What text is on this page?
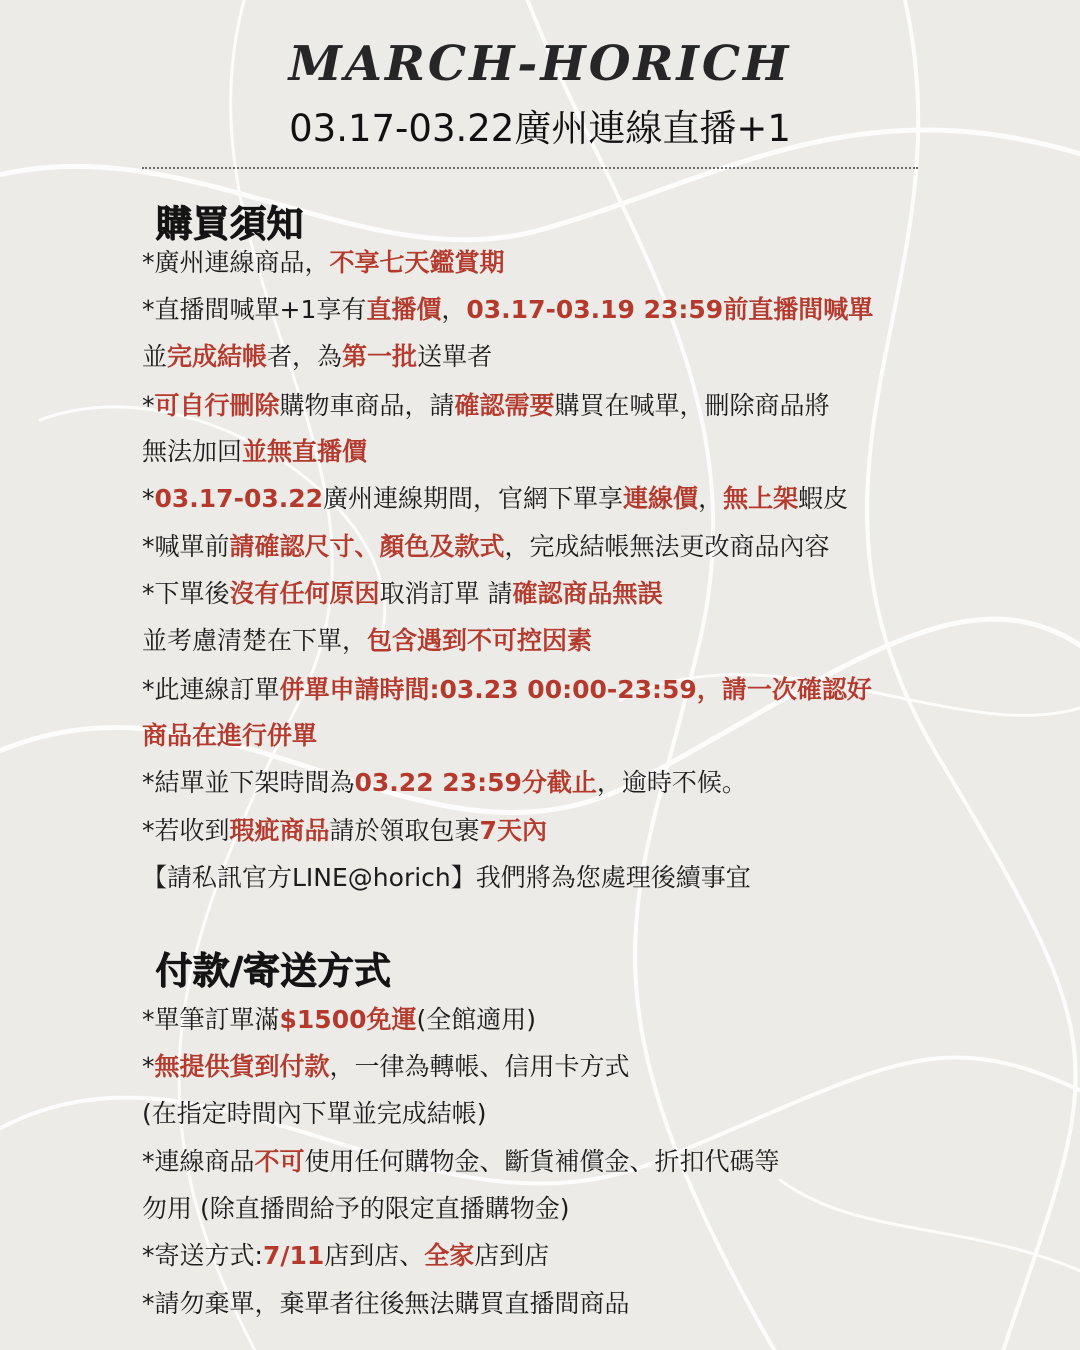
MARCH-HORICH
03.17-03.22廣州連線直播+1
購買須知
*廣州連線商品，不享七天鑑賞期
*直播間喊單+1享有直播價，03.17-03.19 23:59前直播間喊單
並完成結帳者，為第一批送單者
*可自行刪除購物車商品，請確認需要購買在喊單，刪除商品將
無法加回並無直播價
*03.17-03.22廣州連線期間，官網下單享連線價，無上架蝦皮
*喊單前請確認尺寸、顏色及款式，完成結帳無法更改商品內容
*下單後沒有任何原因取消訂單 請確認商品無誤
並考慮清楚在下單，包含遇到不可控因素
*此連線訂單併單申請時間:03.23 00:00-23:59，請一次確認好
商品在進行併單
*結單並下架時間為03.22 23:59分截止，逾時不候。
*若收到瑕疵商品請於領取包裹7天內
【請私訊官方LINE@horich】我們將為您處理後續事宜
付款/寄送方式
*單筆訂單滿$1500免運(全館適用)
*無提供貨到付款，一律為轉帳、信用卡方式
(在指定時間內下單並完成結帳)
*連線商品不可使用任何購物金、斷貨補償金、折扣代碼等
勿用 (除直播間給予的限定直播購物金)
*寄送方式:7/11店到店、全家店到店
*請勿棄單，棄單者往後無法購買直播間商品
